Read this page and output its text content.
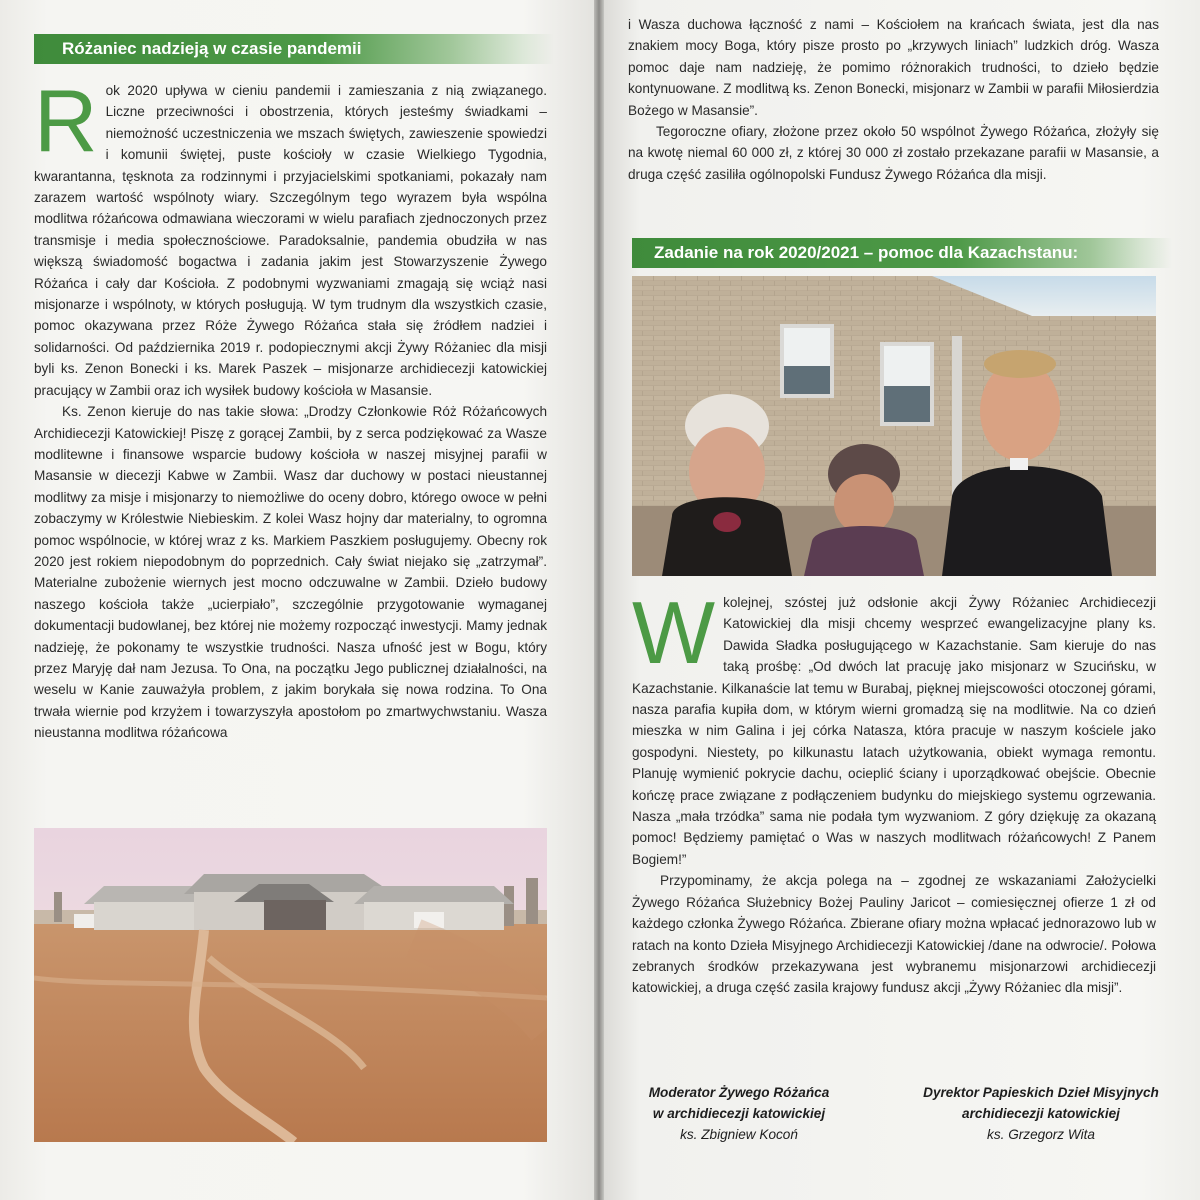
Różaniec nadzieją w czasie pandemii
R ok 2020 upływa w cieniu pandemii i zamieszania z nią związanego. Liczne przeciwności i obostrzenia, których jesteśmy świadkami – niemożność uczestniczenia we mszach świętych, zawieszenie spowiedzi i komunii świętej, puste kościoły w czasie Wielkiego Tygodnia, kwarantanna, tęsknota za rodzinnymi i przyjacielskimi spotkaniami, pokazały nam zarazem wartość wspólnoty wiary. Szczególnym tego wyrazem była wspólna modlitwa różańcowa odmawiana wieczorami w wielu parafiach zjednoczonych przez transmisje i media społecznościowe. Paradoksalnie, pandemia obudziła w nas większą świadomość bogactwa i zadania jakim jest Stowarzyszenie Żywego Różańca i cały dar Kościoła. Z podobnymi wyzwaniami zmagają się wciąż nasi misjonarze i wspólnoty, w których posługują. W tym trudnym dla wszystkich czasie, pomoc okazywana przez Róże Żywego Różańca stała się źródłem nadziei i solidarności. Od października 2019 r. podopiecznymi akcji Żywy Różaniec dla misji byli ks. Zenon Bonecki i ks. Marek Paszek – misjonarze archidiecezji katowickiej pracujący w Zambii oraz ich wysiłek budowy kościoła w Masansie.

Ks. Zenon kieruje do nas takie słowa: „Drodzy Członkowie Róż Różańcowych Archidiecezji Katowickiej! Piszę z gorącej Zambii, by z serca podziękować za Wasze modlitewne i finansowe wsparcie budowy kościoła w naszej misyjnej parafii w Masansie w diecezji Kabwe w Zambii. Wasz dar duchowy w postaci nieustannej modlitwy za misje i misjonarzy to niemożliwe do oceny dobro, którego owoce w pełni zobaczymy w Królestwie Niebieskim. Z kolei Wasz hojny dar materialny, to ogromna pomoc wspólnocie, w której wraz z ks. Markiem Paszkiem posługujemy. Obecny rok 2020 jest rokiem niepodobnym do poprzednich. Cały świat niejako się „zatrzymał”. Materialne zubożenie wiernych jest mocno odczuwalne w Zambii. Dzieło budowy naszego kościoła także „ucierpiało”, szczególnie przygotowanie wymaganej dokumentacji budowlanej, bez której nie możemy rozpocząć inwestycji. Mamy jednak nadzieję, że pokonamy te wszystkie trudności. Nasza ufność jest w Bogu, który przez Maryję dał nam Jezusa. To Ona, na początku Jego publicznej działalności, na weselu w Kanie zauważyła problem, z jakim borykała się nowa rodzina. To Ona trwała wiernie pod krzyżem i towarzyszyła apostołom po zmartwychwstaniu. Wasza nieustanna modlitwa różańcowa

i Wasza duchowa łączność z nami – Kościołem na krańcach świata, jest dla nas znakiem mocy Boga, który pisze prosto po „krzywych liniach” ludzkich dróg. Wasza pomoc daje nam nadzieję, że pomimo różnorakich trudności, to dzieło będzie kontynuowane. Z modlitwą ks. Zenon Bonecki, misjonarz w Zambii w parafii Miłosierdzia Bożego w Masansie”.

Tegoroczne ofiary, złożone przez około 50 wspólnot Żywego Różańca, złożyły się na kwotę niemal 60 000 zł, z której 30 000 zł zostało przekazane parafii w Masansie, a druga część zasiliła ogólnopolski Fundusz Żywego Różańca dla misji.

Zadanie na rok 2020/2021 – pomoc dla Kazachstanu:
W kolejnej, szóstej już odsłonie akcji Żywy Różaniec Archidiecezji Katowickiej dla misji chcemy wesprzeć ewangelizacyjne plany ks. Dawida Sładka posługującego w Kazachstanie. Sam kieruje do nas taką prośbę: „Od dwóch lat pracuję jako misjonarz w Szucińsku, w Kazachstanie. Kilkanaście lat temu w Burabaj, pięknej miejscowości otoczonej górami, nasza parafia kupiła dom, w którym wierni gromadzą się na modlitwie. Na co dzień mieszka w nim Galina i jej córka Natasza, która pracuje w naszym kościele jako gospodyni. Niestety, po kilkunastu latach użytkowania, obiekt wymaga remontu. Planuję wymienić pokrycie dachu, ocieplić ściany i uporządkować obejście. Obecnie kończę prace związane z podłączeniem budynku do miejskiego systemu ogrzewania. Nasza „mała trzódka” sama nie podała tym wyzwaniom. Z góry dziękuję za okazaną pomoc! Będziemy pamiętać o Was w naszych modlitwach różańcowych! Z Panem Bogiem!”

Przypominamy, że akcja polega na – zgodnej ze wskazaniami Założycielki Żywego Różańca Służebnicy Bożej Pauliny Jaricot – comiesięcznej ofierze 1 zł od każdego członka Żywego Różańca. Zbierane ofiary można wpłacać jednorazowo lub w ratach na konto Dzieła Misyjnego Archidiecezji Katowickiej /dane na odwrocie/. Połowa zebranych środków przekazywana jest wybranemu misjonarzowi archidiecezji katowickiej, a druga część zasila krajowy fundusz akcji „Żywy Różaniec dla misji”.

Moderator Żywego Różańca
w archidiecezji katowickiej
ks. Zbigniew Kocoń
Dyrektor Papieskich Dzieł Misyjnych
archidiecezji katowickiej
ks. Grzegorz Wita
